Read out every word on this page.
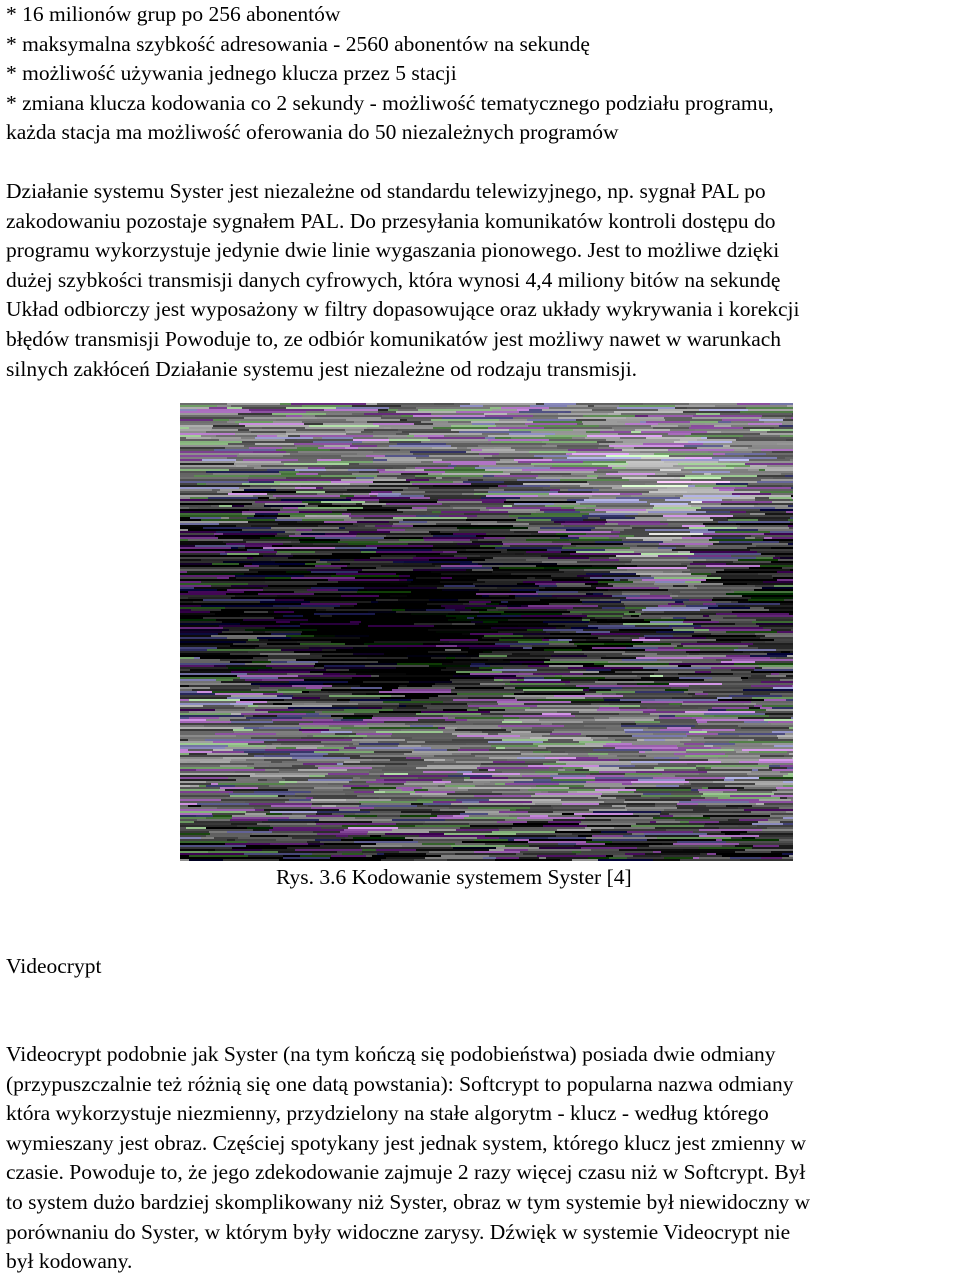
* 16 milionów grup po 256 abonentów

* maksymalna szybkość adresowania - 2560 abonentów na sekundę

* możliwość używania jednego klucza przez 5 stacji

* zmiana klucza kodowania co 2 sekundy - możliwość tematycznego podziału programu,

każda stacja ma możliwość oferowania do 50 niezależnych programów

Działanie systemu Syster jest niezależne od standardu telewizyjnego, np. sygnał PAL po

zakodowaniu pozostaje sygnałem PAL. Do przesyłania komunikatów kontroli dostępu do

programu wykorzystuje jedynie dwie linie wygaszania pionowego. Jest to możliwe dzięki

dużej szybkości transmisji danych cyfrowych, która wynosi 4,4 miliony bitów na sekundę

Układ odbiorczy jest wyposażony w filtry dopasowujące oraz układy wykrywania i korekcji

błędów transmisji Powoduje to, ze odbiór komunikatów jest możliwy nawet w warunkach

silnych zakłóceń Działanie systemu jest niezależne od rodzaju transmisji.

Rys. 3.6 Kodowanie systemem Syster [4]
Videocrypt

Videocrypt podobnie jak Syster (na tym kończą się podobieństwa) posiada dwie odmiany

(przypuszczalnie też różnią się one datą powstania): Softcrypt to popularna nazwa odmiany

która wykorzystuje niezmienny, przydzielony na stałe algorytm - klucz - według którego

wymieszany jest obraz. Częściej spotykany jest jednak system, którego klucz jest zmienny w

czasie. Powoduje to, że jego zdekodowanie zajmuje 2 razy więcej czasu niż w Softcrypt. Był

to system dużo bardziej skomplikowany niż Syster, obraz w tym systemie był niewidoczny w

porównaniu do Syster, w którym były widoczne zarysy. Dźwięk w systemie Videocrypt nie

był kodowany.
